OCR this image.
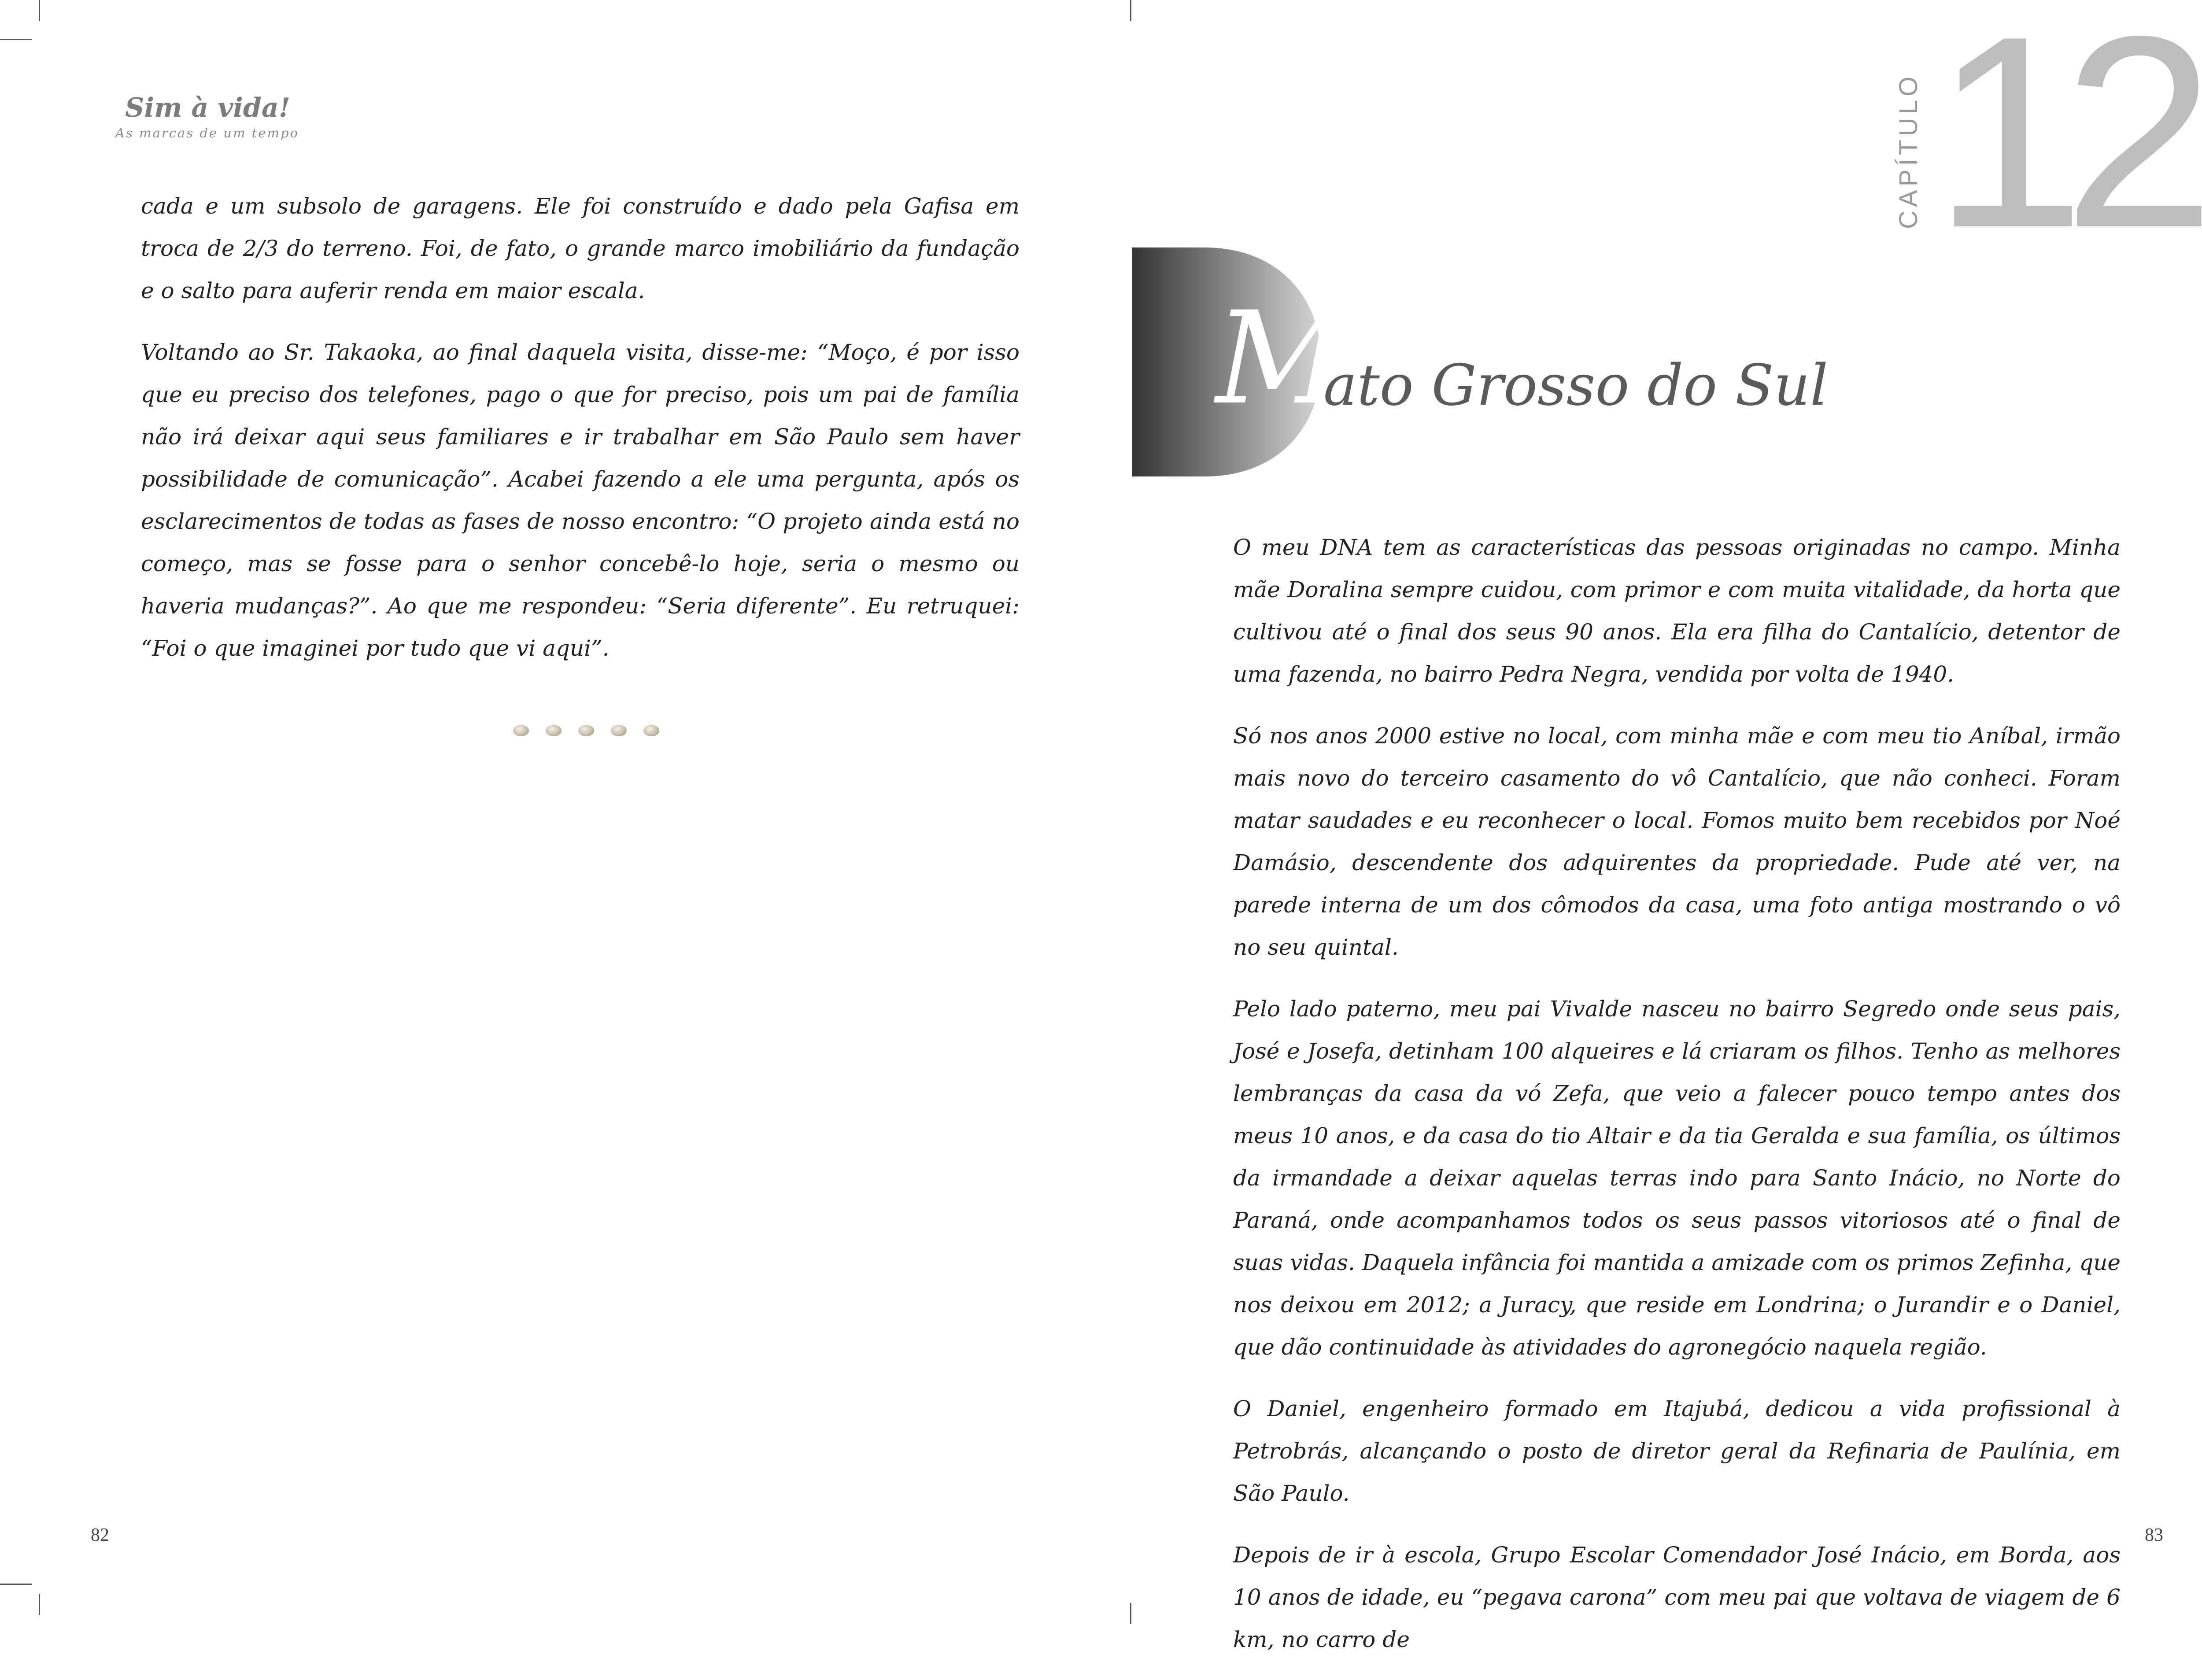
Sim à vida!
As marcas de um tempo

cada e um subsolo de garagens. Ele foi construído e dado pela Gafisa em troca de 2/3 do terreno. Foi, de fato, o grande marco imobiliário da fundação e o salto para auferir renda em maior escala.

Voltando ao Sr. Takaoka, ao final daquela visita, disse-me: “Moço, é por isso que eu preciso dos telefones, pago o que for preciso, pois um pai de família não irá deixar aqui seus familiares e ir trabalhar em São Paulo sem haver possibilidade de comunicação”. Acabei fazendo a ele uma pergunta, após os esclarecimentos de todas as fases de nosso encontro: “O projeto ainda está no começo, mas se fosse para o senhor concebê-lo hoje, seria o mesmo ou haveria mudanças?”. Ao que me respondeu: “Seria diferente”. Eu retruquei: “Foi o que imaginei por tudo que vi aqui”.

82
CAPÍTULO 12
M
ato Grosso do Sul

O meu DNA tem as características das pessoas originadas no campo. Minha mãe Doralina sempre cuidou, com primor e com muita vitalidade, da horta que cultivou até o final dos seus 90 anos. Ela era filha do Cantalício, detentor de uma fazenda, no bairro Pedra Negra, vendida por volta de 1940.

Só nos anos 2000 estive no local, com minha mãe e com meu tio Aníbal, irmão mais novo do terceiro casamento do vô Cantalício, que não conheci. Foram matar saudades e eu reconhecer o local. Fomos muito bem recebidos por Noé Damásio, descendente dos adquirentes da propriedade. Pude até ver, na parede interna de um dos cômodos da casa, uma foto antiga mostrando o vô no seu quintal.

Pelo lado paterno, meu pai Vivalde nasceu no bairro Segredo onde seus pais, José e Josefa, detinham 100 alqueires e lá criaram os filhos. Tenho as melhores lembranças da casa da vó Zefa, que veio a falecer pouco tempo antes dos meus 10 anos, e da casa do tio Altair e da tia Geralda e sua família, os últimos da irmandade a deixar aquelas terras indo para Santo Inácio, no Norte do Paraná, onde acompanhamos todos os seus passos vitoriosos até o final de suas vidas. Daquela infância foi mantida a amizade com os primos Zefinha, que nos deixou em 2012; a Juracy, que reside em Londrina; o Jurandir e o Daniel, que dão continuidade às atividades do agronegócio naquela região.

O Daniel, engenheiro formado em Itajubá, dedicou a vida profissional à Petrobrás, alcançando o posto de diretor geral da Refinaria de Paulínia, em São Paulo.

Depois de ir à escola, Grupo Escolar Comendador José Inácio, em Borda, aos 10 anos de idade, eu “pegava carona” com meu pai que voltava de viagem de 6 km, no carro de

83
